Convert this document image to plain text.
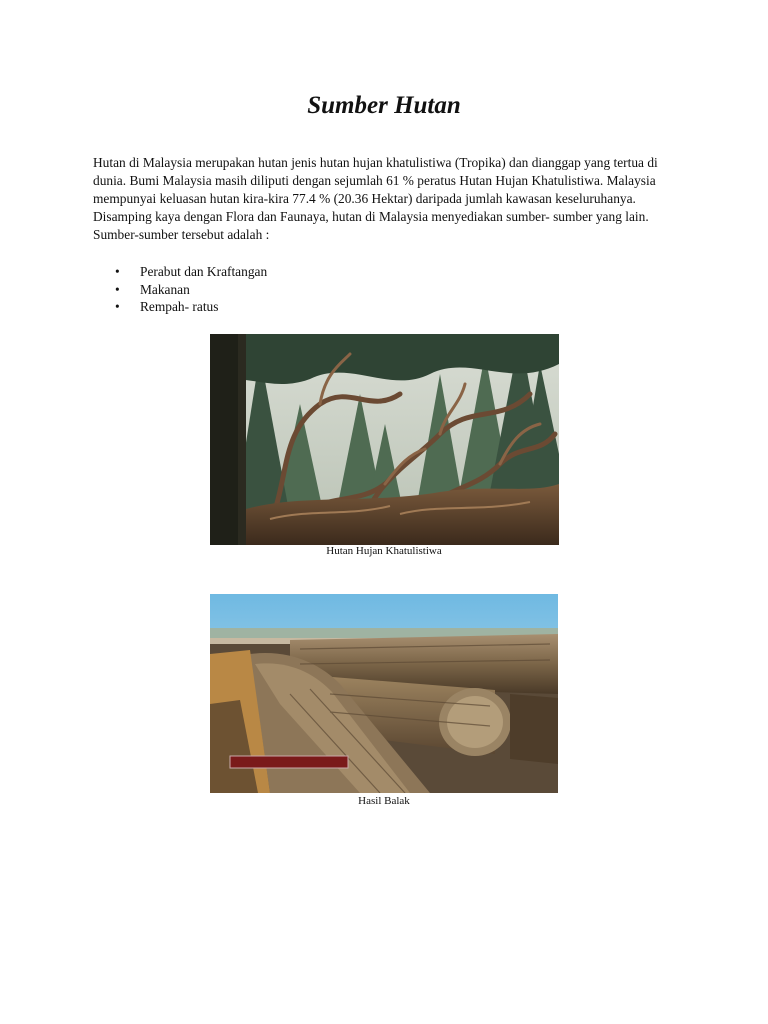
Sumber Hutan

Hutan di Malaysia merupakan hutan jenis hutan hujan khatulistiwa (Tropika) dan dianggap yang tertua di dunia. Bumi Malaysia masih diliputi dengan sejumlah 61 % peratus Hutan Hujan Khatulistiwa. Malaysia mempunyai keluasan hutan kira-kira 77.4 % (20.36 Hektar) daripada jumlah kawasan keseluruhanya. Disamping kaya dengan Flora dan Faunaya, hutan di Malaysia menyediakan sumber- sumber yang lain. Sumber-sumber tersebut adalah :

• Perabut dan Kraftangan
• Makanan
• Rempah- ratus
Hutan Hujan Khatulistiwa
Hasil Balak
